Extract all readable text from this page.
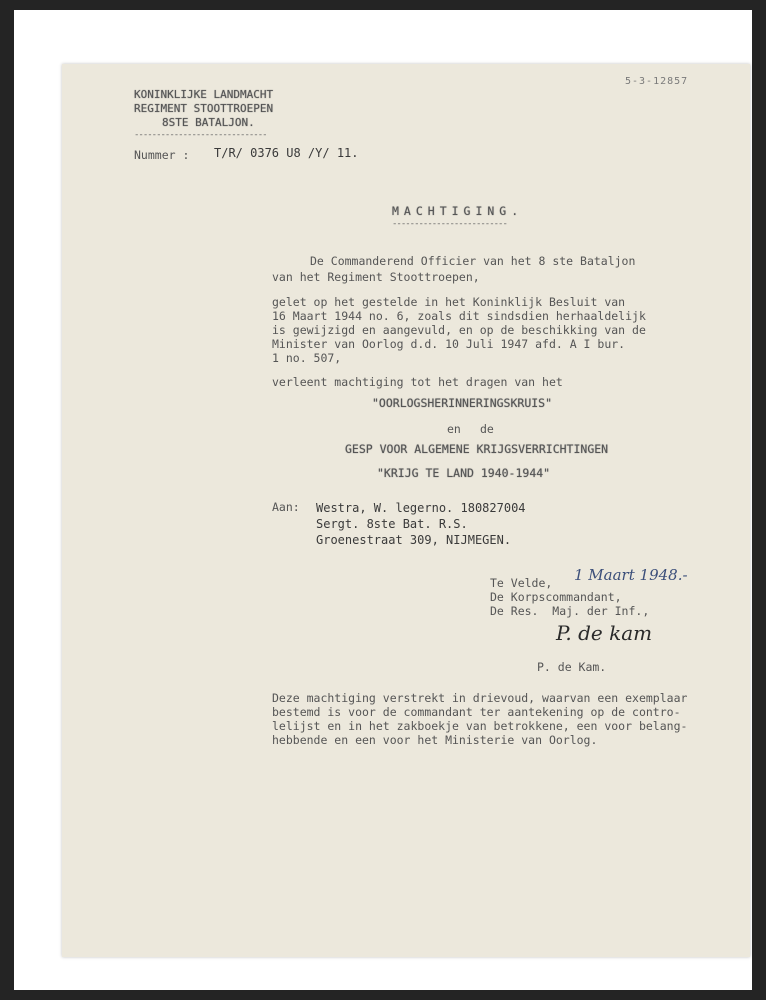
5-3-12857
KONINKLIJKE LANDMACHT
REGIMENT STOOTTROEPEN
8STE BATALJON.
------------------------------
Nummer : T/R/ 0376 U8 /Y/ 11.
MACHTIGING.
--------------------------
De Commanderend Officier van het 8 ste Bataljon
van het Regiment Stoottroepen,
gelet op het gestelde in het Koninklijk Besluit van
16 Maart 1944 no. 6, zoals dit sindsdien herhaaldelijk
is gewijzigd en aangevuld, en op de beschikking van de
Minister van Oorlog d.d. 10 Juli 1947 afd. A I bur.
1 no. 507,
verleent machtiging tot het dragen van het
"OORLOGSHERINNERINGSKRUIS"
en de
GESP VOOR ALGEMENE KRIJGSVERRICHTINGEN
"KRIJG TE LAND 1940-1944"
Aan: Westra, W. legerno. 180827004
Sergt. 8ste Bat. R.S.
Groenestraat 309, NIJMEGEN.
Te Velde, 1 Maart 1948.-
De Korpscommandant,
De Res.  Maj. der Inf.,
P. de kam
P. de Kam.
Deze machtiging verstrekt in drievoud, waarvan een exemplaar
bestemd is voor de commandant ter aantekening op de contro-
lelijst en in het zakboekje van betrokkene, een voor belang-
hebbende en een voor het Ministerie van Oorlog.
